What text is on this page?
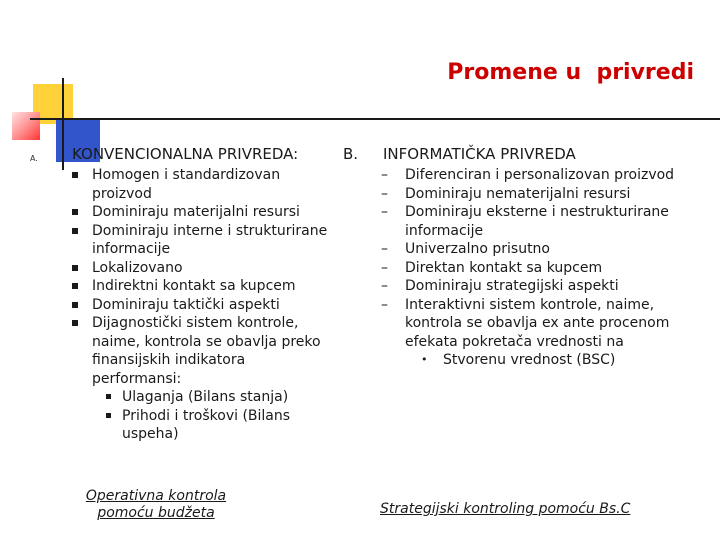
Promene u  privredi
A.	B.
KONVENCIONALNA PRIVREDA:
Homogen i standardizovan proizvod
Dominiraju materijalni resursi
Dominiraju interne i strukturirane informacije
Lokalizovano
Indirektni kontakt sa kupcem
Dominiraju taktički aspekti
Dijagnostički sistem kontrole, naime, kontrola se obavlja preko finansijskih indikatora performansi:
Ulaganja (Bilans stanja)
Prihodi i troškovi (Bilans uspeha)
INFORMATIČKA PRIVREDA
– Diferenciran i personalizovan proizvod
– Dominiraju nematerijalni resursi
– Dominiraju eksterne i nestrukturirane informacije
– Univerzalno prisutno
– Direktan kontakt sa kupcem
– Dominiraju strategijski aspekti
– Interaktivni sistem kontrole, naime, kontrola se obavlja ex ante procenom efekata pokretača vrednosti na
• Stvorenu vrednost (BSC)
Operativna kontrola pomoću budžeta	Strategijski kontroling pomoću Bs.C
